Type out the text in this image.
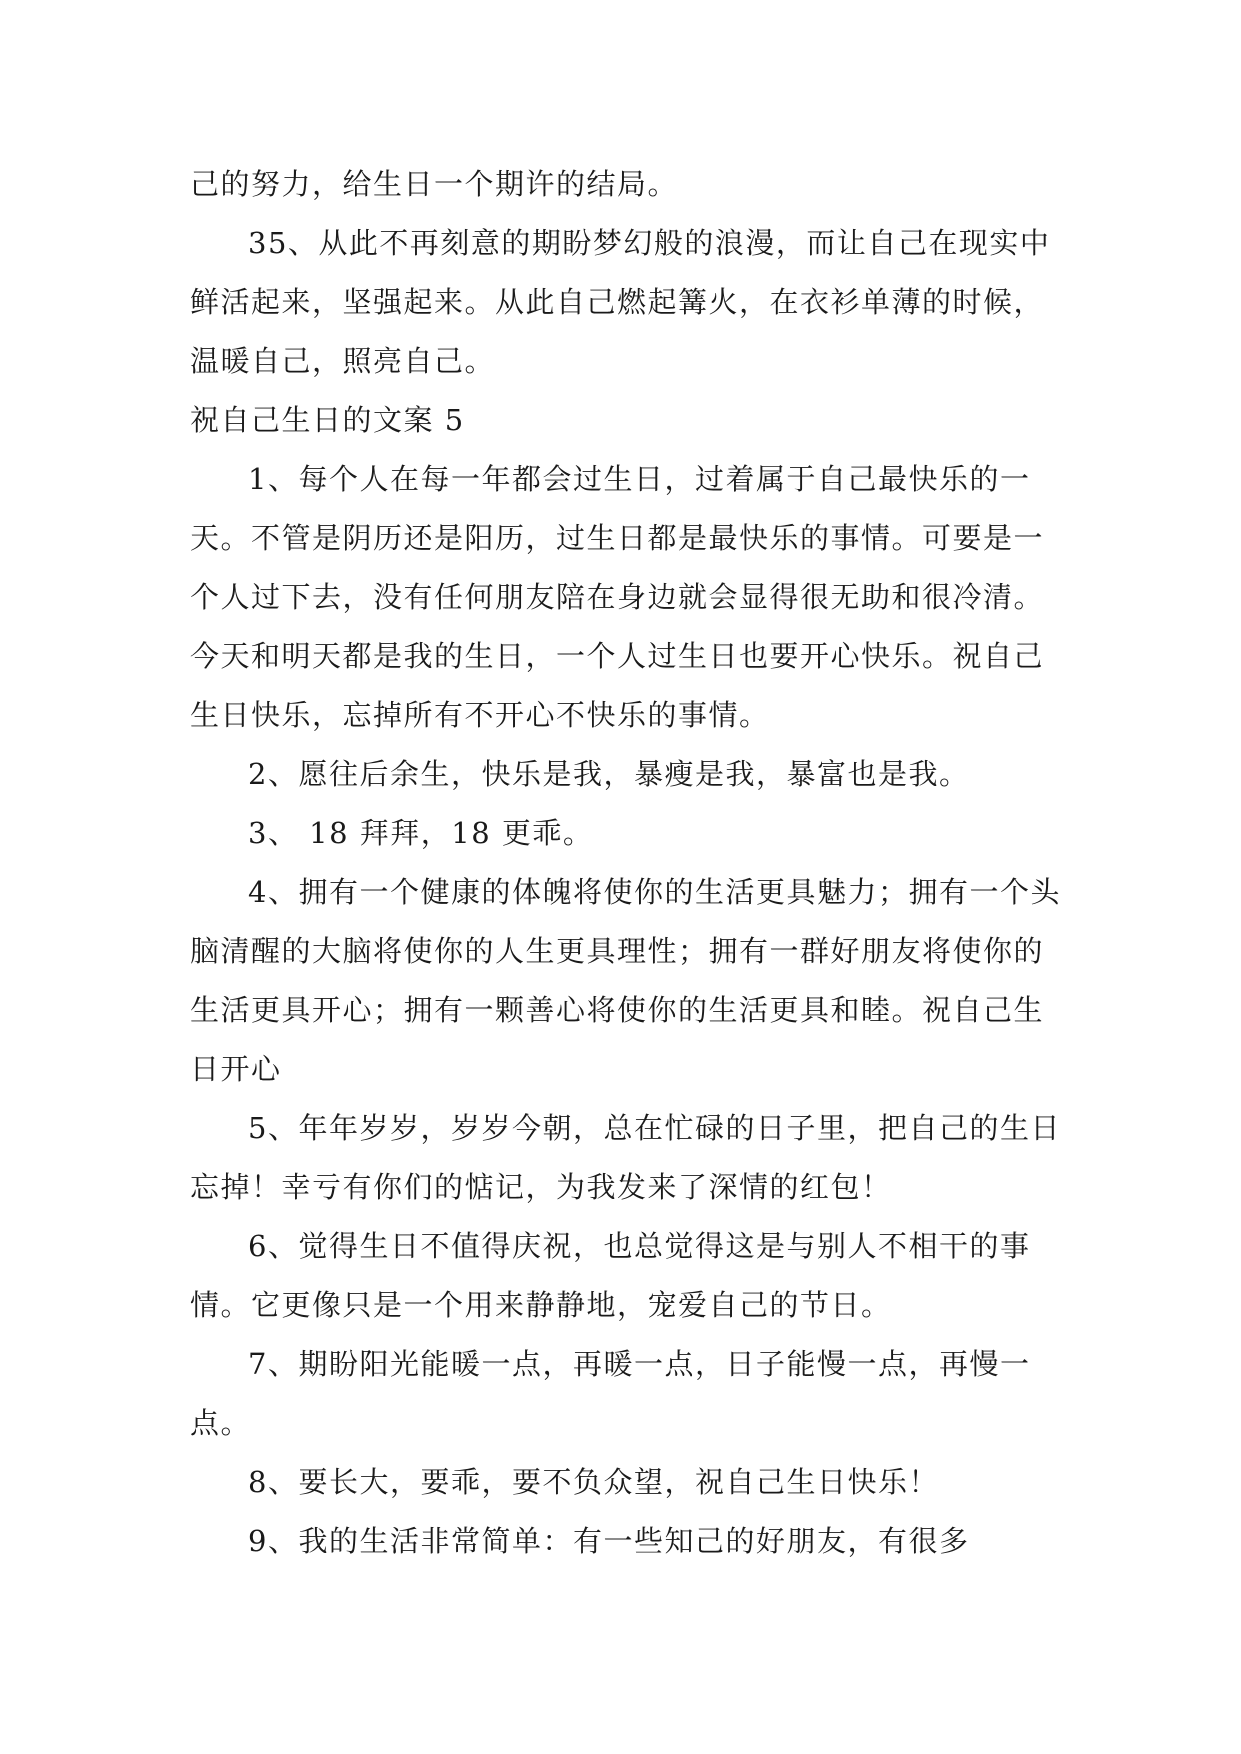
己的努力，给生日一个期许的结局。

35、从此不再刻意的期盼梦幻般的浪漫，而让自己在现实中鲜活起来，坚强起来。从此自己燃起篝火，在衣衫单薄的时候，温暖自己，照亮自己。

祝自己生日的文案 5

1、每个人在每一年都会过生日，过着属于自己最快乐的一天。不管是阴历还是阳历，过生日都是最快乐的事情。可要是一个人过下去，没有任何朋友陪在身边就会显得很无助和很冷清。今天和明天都是我的生日，一个人过生日也要开心快乐。祝自己生日快乐，忘掉所有不开心不快乐的事情。

2、愿往后余生，快乐是我，暴瘦是我，暴富也是我。

3、 18 拜拜，18 更乖。

4、拥有一个健康的体魄将使你的生活更具魅力；拥有一个头脑清醒的大脑将使你的人生更具理性；拥有一群好朋友将使你的生活更具开心；拥有一颗善心将使你的生活更具和睦。祝自己生日开心

5、年年岁岁，岁岁今朝，总在忙碌的日子里，把自己的生日忘掉！幸亏有你们的惦记，为我发来了深情的红包！

6、觉得生日不值得庆祝，也总觉得这是与别人不相干的事情。它更像只是一个用来静静地，宠爱自己的节日。

7、期盼阳光能暖一点，再暖一点，日子能慢一点，再慢一点。

8、要长大，要乖，要不负众望，祝自己生日快乐！

9、我的生活非常简单：有一些知己的好朋友，有很多
